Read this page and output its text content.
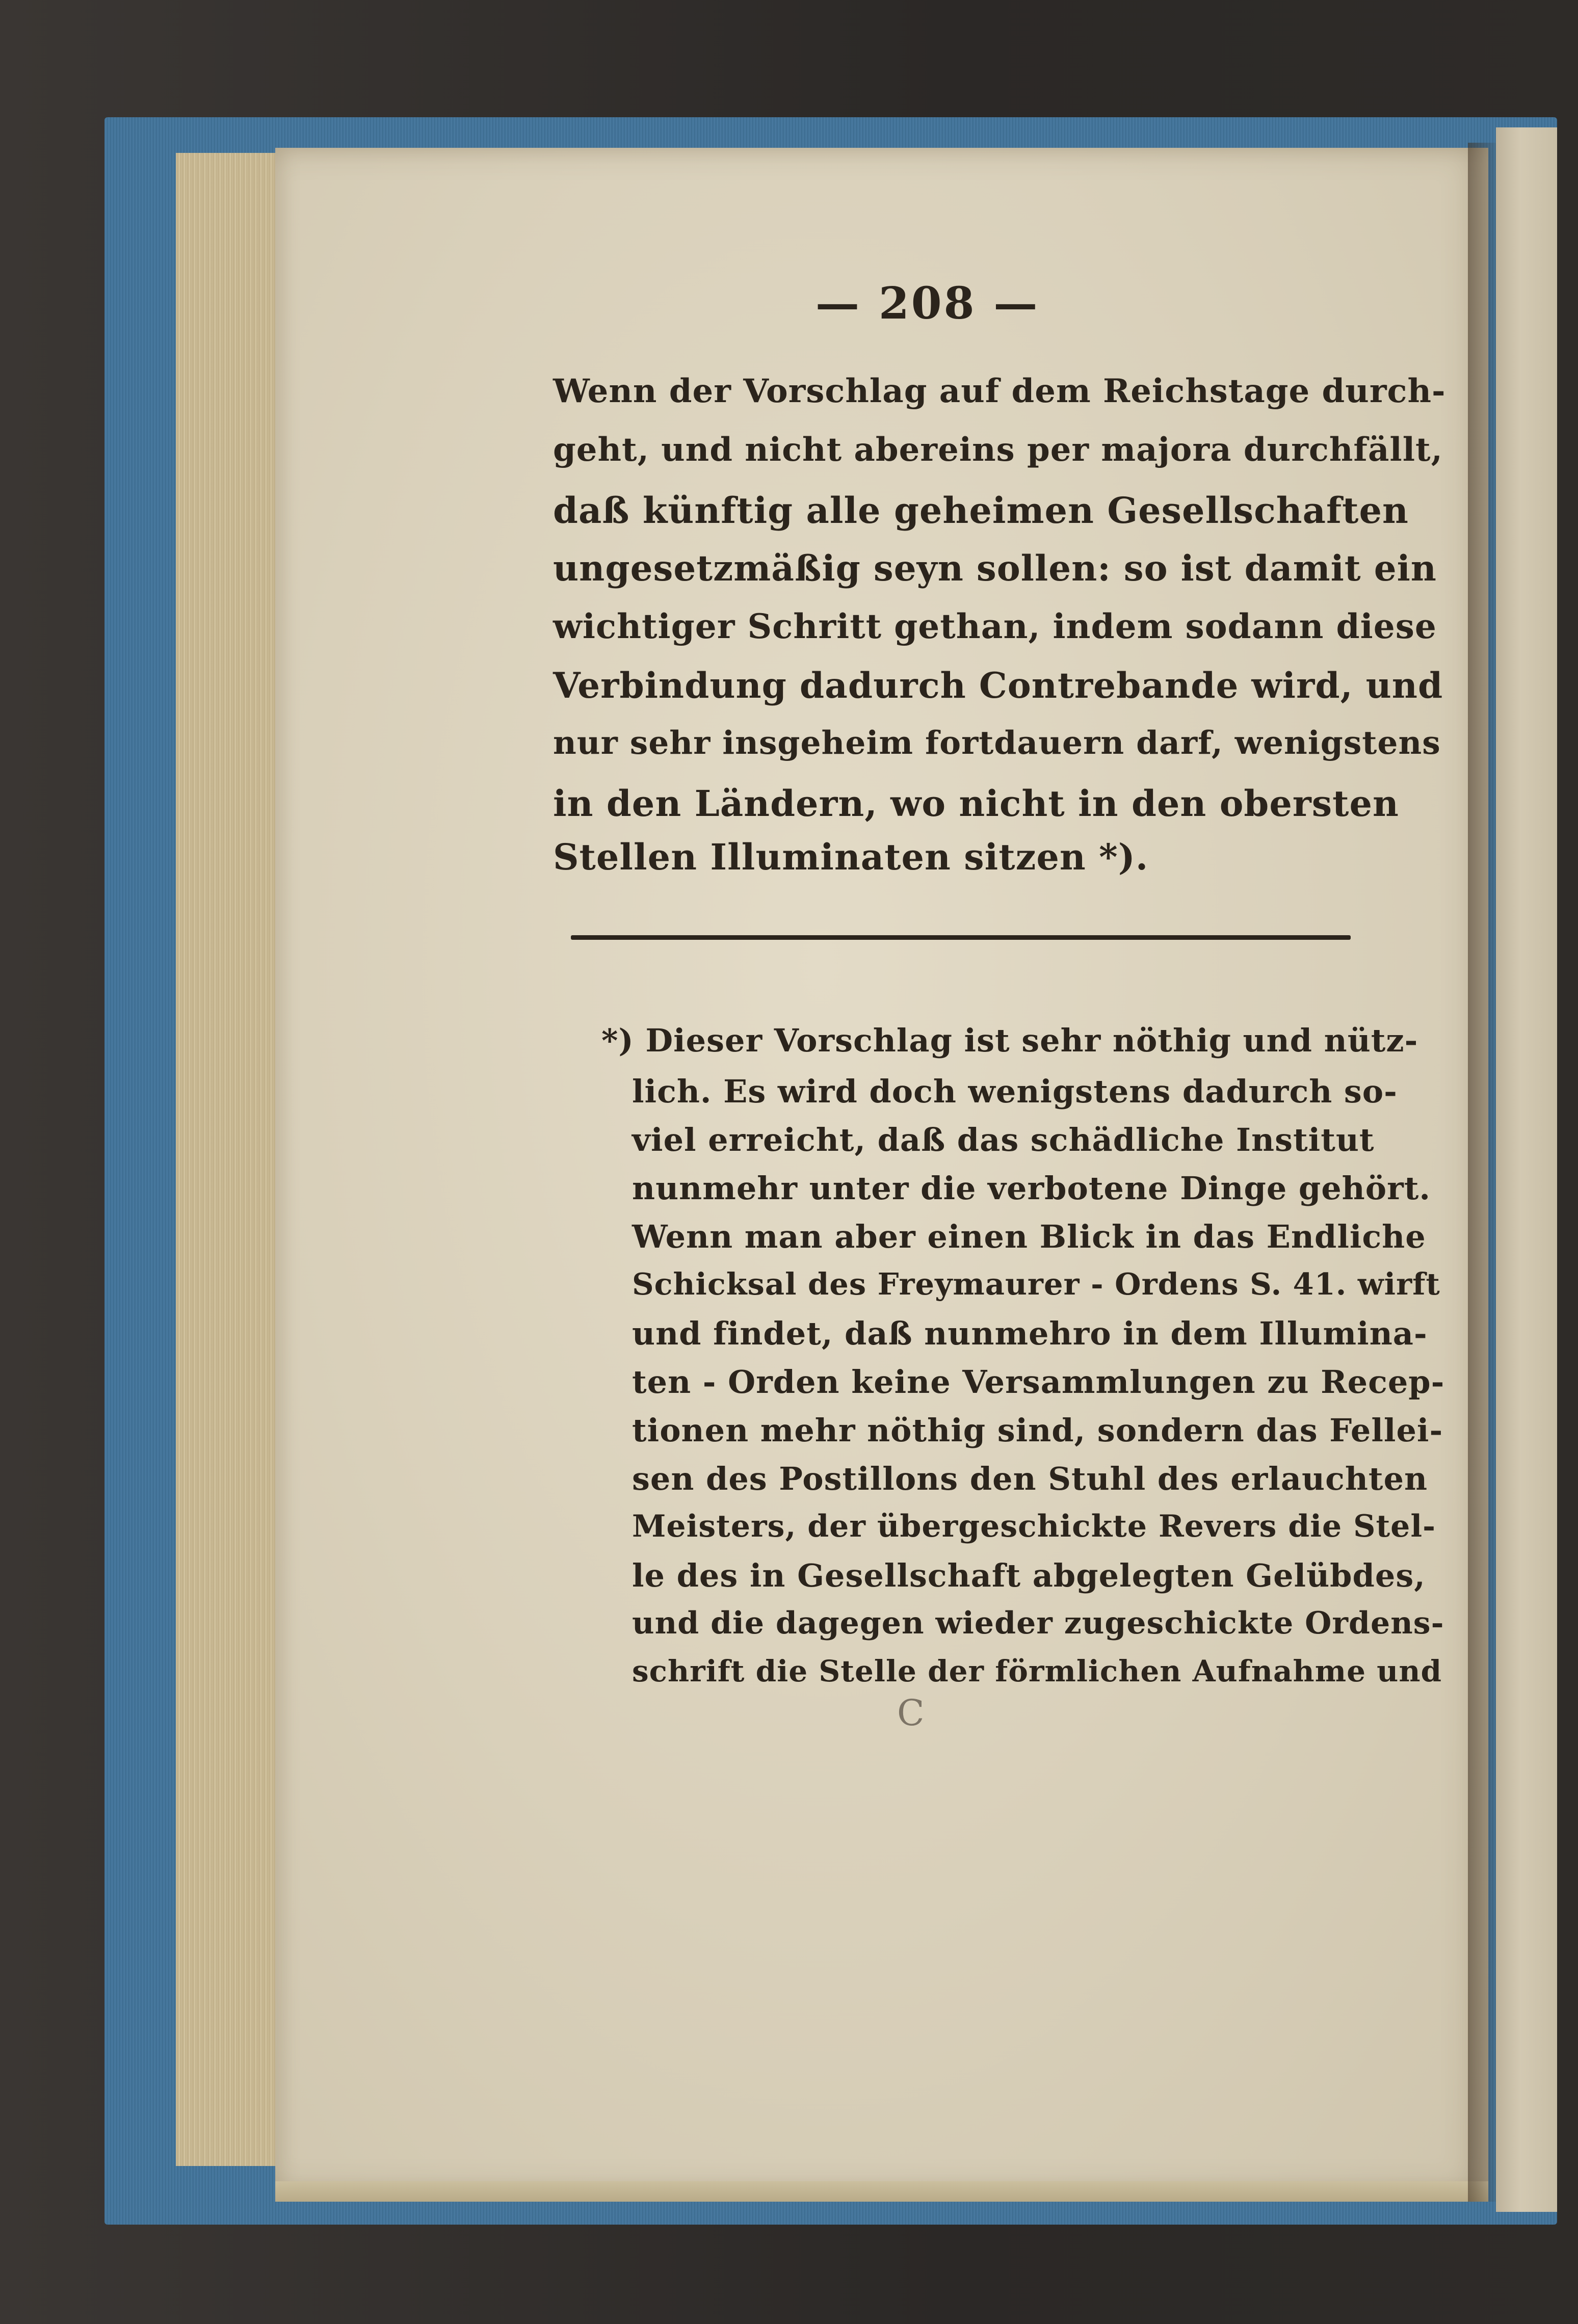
— 208 —
Wenn der Vorschlag auf dem Reichstage durch-
geht, und nicht abereins per majora durchfällt,
daß künftig alle geheimen Gesellschaften
ungesetzmäßig seyn sollen: so ist damit ein
wichtiger Schritt gethan, indem sodann diese
Verbindung dadurch Contrebande wird, und
nur sehr insgeheim fortdauern darf, wenigstens
in den Ländern, wo nicht in den obersten
Stellen Illuminaten sitzen *).
*) Dieser Vorschlag ist sehr nöthig und nütz-
lich. Es wird doch wenigstens dadurch so-
viel erreicht, daß das schädliche Institut
nunmehr unter die verbotene Dinge gehört.
Wenn man aber einen Blick in das Endliche
Schicksal des Freymaurer - Ordens S. 41. wirft
und findet, daß nunmehro in dem Illumina-
ten - Orden keine Versammlungen zu Recep-
tionen mehr nöthig sind, sondern das Fellei-
sen des Postillons den Stuhl des erlauchten
Meisters, der übergeschickte Revers die Stel-
le des in Gesellschaft abgelegten Gelübdes,
und die dagegen wieder zugeschickte Ordens-
schrift die Stelle der förmlichen Aufnahme und
C
